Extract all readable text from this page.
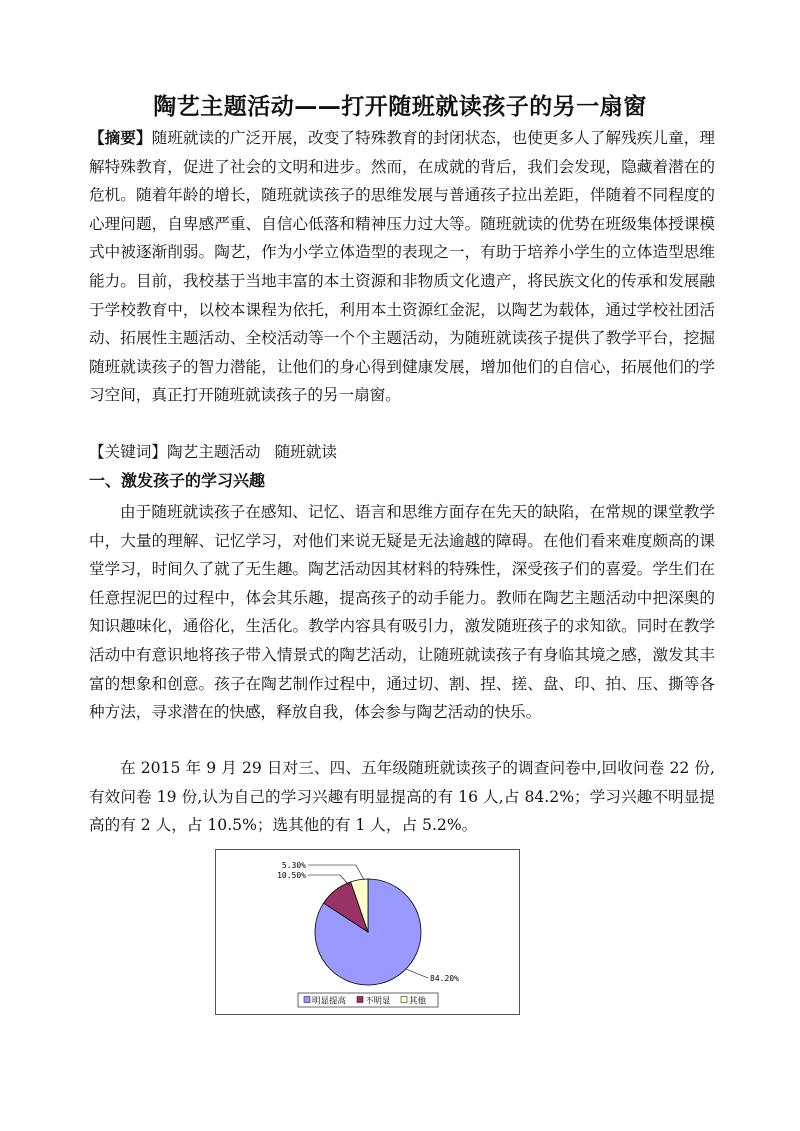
陶艺主题活动——打开随班就读孩子的另一扇窗

【摘要】随班就读的广泛开展，改变了特殊教育的封闭状态，也使更多人了解残疾儿童，理解特殊教育，促进了社会的文明和进步。然而，在成就的背后，我们会发现，隐藏着潜在的危机。随着年龄的增长，随班就读孩子的思维发展与普通孩子拉出差距，伴随着不同程度的心理问题，自卑感严重、自信心低落和精神压力过大等。随班就读的优势在班级集体授课模式中被逐渐削弱。陶艺，作为小学立体造型的表现之一，有助于培养小学生的立体造型思维能力。目前，我校基于当地丰富的本土资源和非物质文化遗产，将民族文化的传承和发展融于学校教育中，以校本课程为依托，利用本土资源红金泥，以陶艺为载体，通过学校社团活动、拓展性主题活动、全校活动等一个个主题活动，为随班就读孩子提供了教学平台，挖掘随班就读孩子的智力潜能，让他们的身心得到健康发展，增加他们的自信心，拓展他们的学习空间，真正打开随班就读孩子的另一扇窗。

【关键词】陶艺主题活动 随班就读

一、激发孩子的学习兴趣

由于随班就读孩子在感知、记忆、语言和思维方面存在先天的缺陷，在常规的课堂教学中，大量的理解、记忆学习，对他们来说无疑是无法逾越的障碍。在他们看来难度颇高的课堂学习，时间久了就了无生趣。陶艺活动因其材料的特殊性，深受孩子们的喜爱。学生们在任意捏泥巴的过程中，体会其乐趣，提高孩子的动手能力。教师在陶艺主题活动中把深奥的知识趣味化，通俗化，生活化。教学内容具有吸引力，激发随班孩子的求知欲。同时在教学活动中有意识地将孩子带入情景式的陶艺活动，让随班就读孩子有身临其境之感，激发其丰富的想象和创意。孩子在陶艺制作过程中，通过切、割、捏、搓、盘、印、拍、压、撕等各种方法，寻求潜在的快感，释放自我，体会参与陶艺活动的快乐。

在 2015 年 9 月 29 日对三、四、五年级随班就读孩子的调查问卷中,回收问卷 22 份,有效问卷 19 份,认为自己的学习兴趣有明显提高的有 16 人,占 84.2%；学习兴趣不明显提高的有 2 人，占 10.5%；选其他的有 1 人，占 5.2%。

84.20%
10.50%
5.30%
明显提高 不明显 其他
